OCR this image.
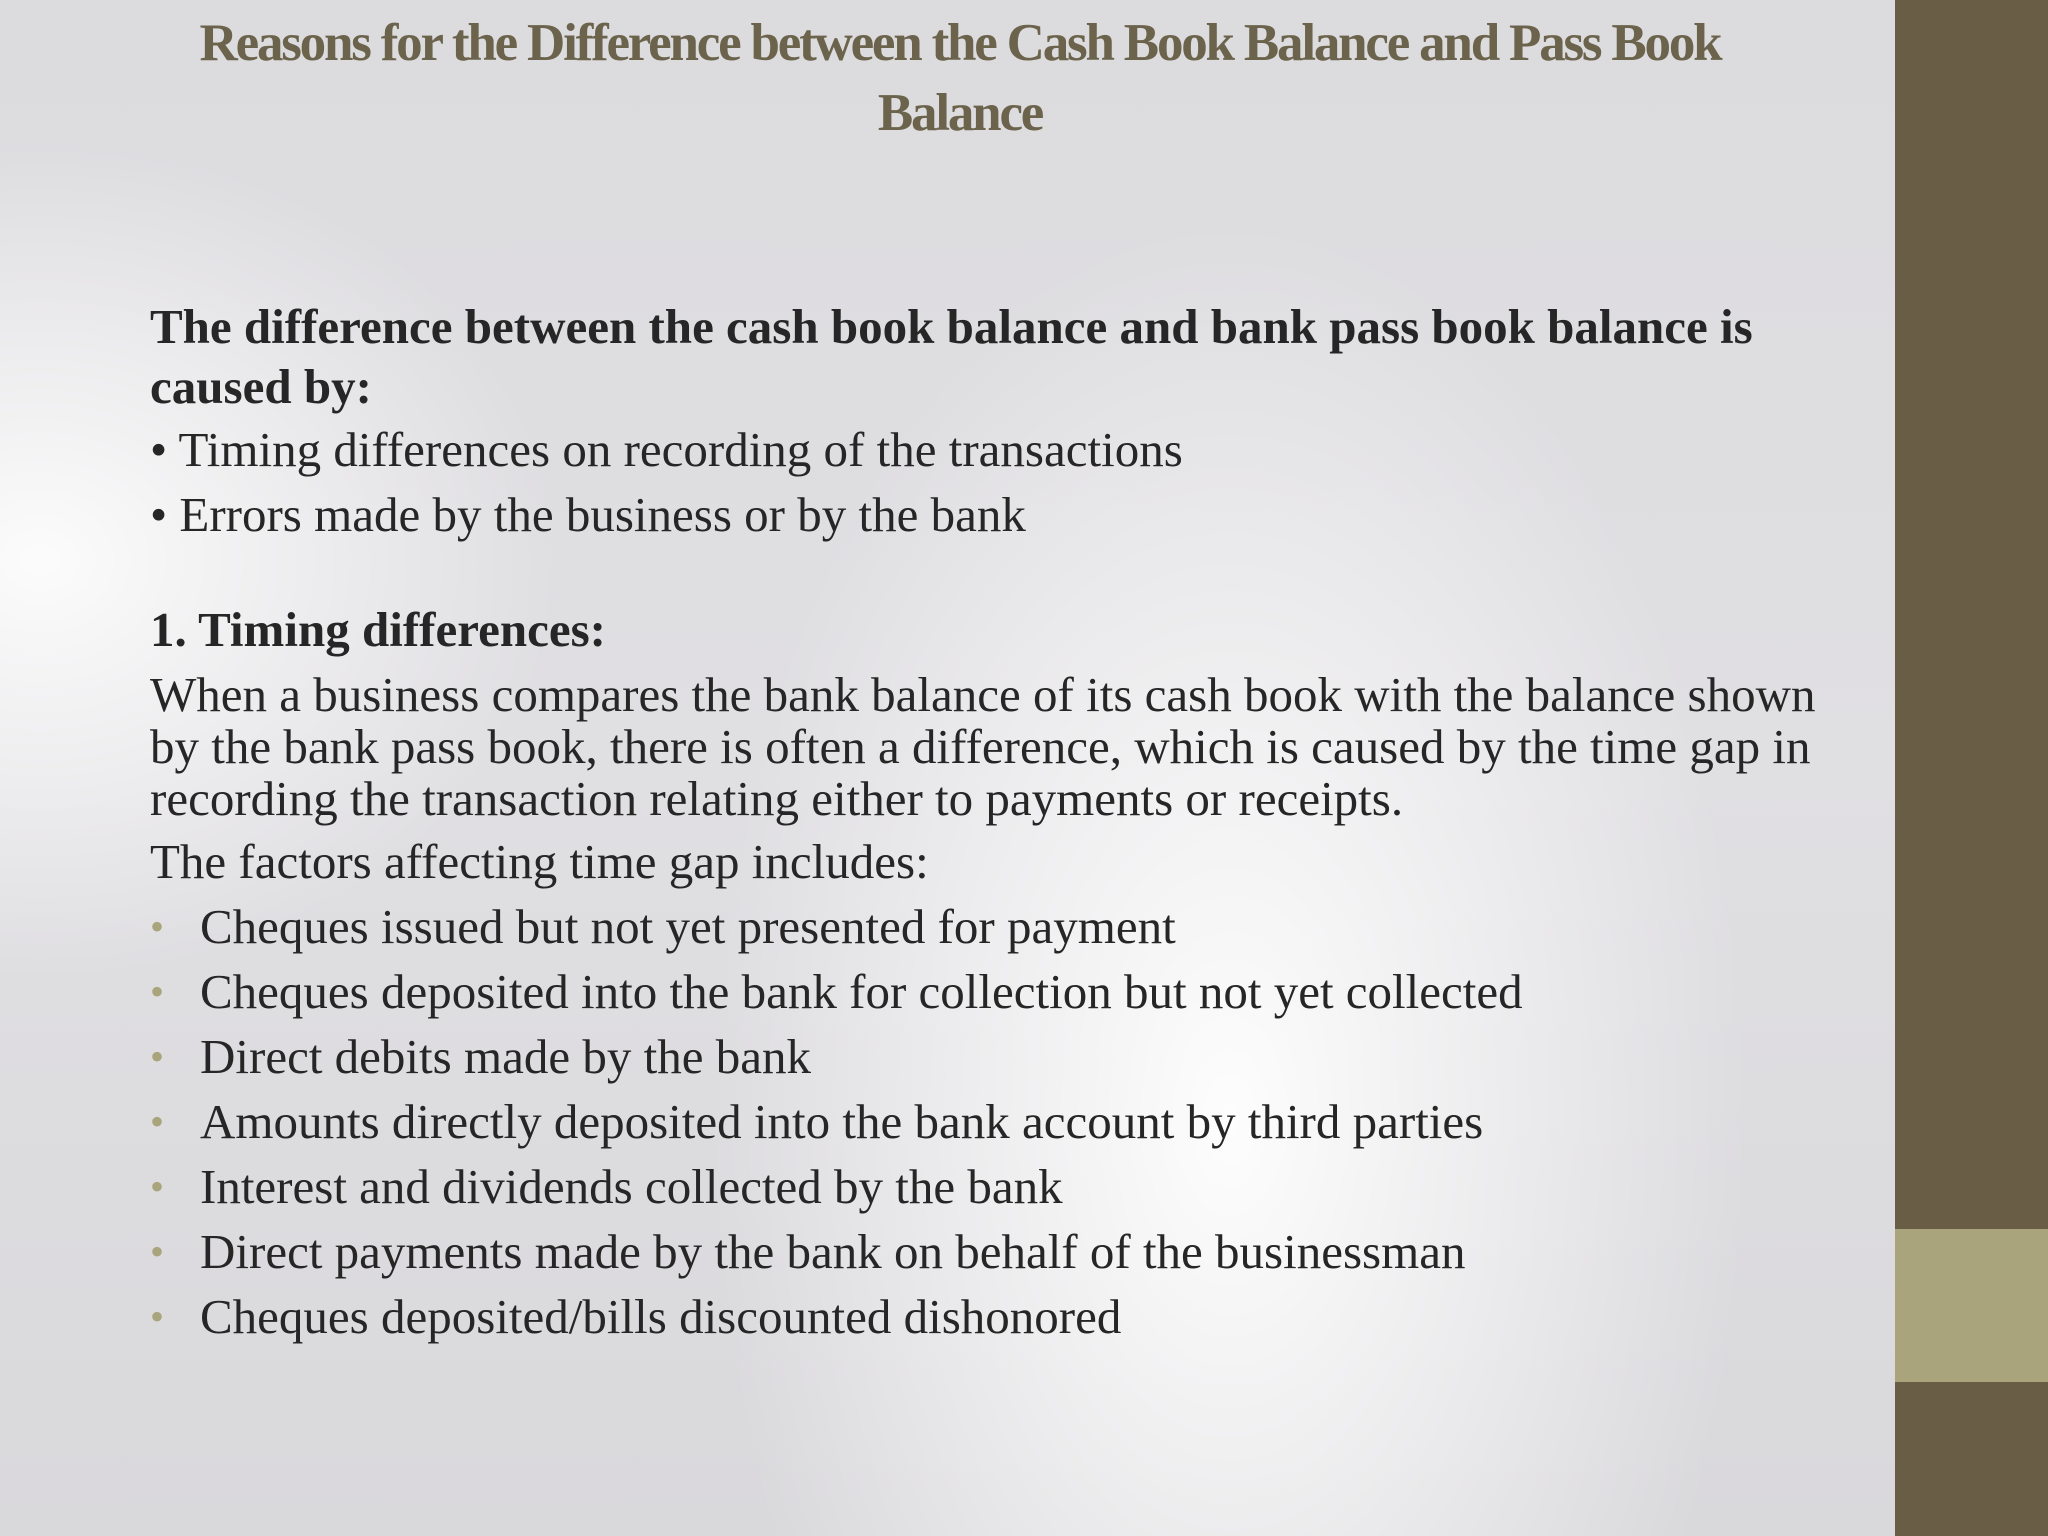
Reasons for the Difference between the Cash Book Balance and Pass Book Balance

The difference between the cash book balance and bank pass book balance is caused by:

• Timing differences on recording of the transactions

• Errors made by the business or by the bank

1. Timing differences:

When a business compares the bank balance of its cash book with the balance shown by the bank pass book, there is often a difference, which is caused by the time gap in recording the transaction relating either to payments or receipts.

The factors affecting time gap includes:

• Cheques issued but not yet presented for payment
• Cheques deposited into the bank for collection but not yet collected
• Direct debits made by the bank
• Amounts directly deposited into the bank account by third parties
• Interest and dividends collected by the bank
• Direct payments made by the bank on behalf of the businessman
• Cheques deposited/bills discounted dishonored
